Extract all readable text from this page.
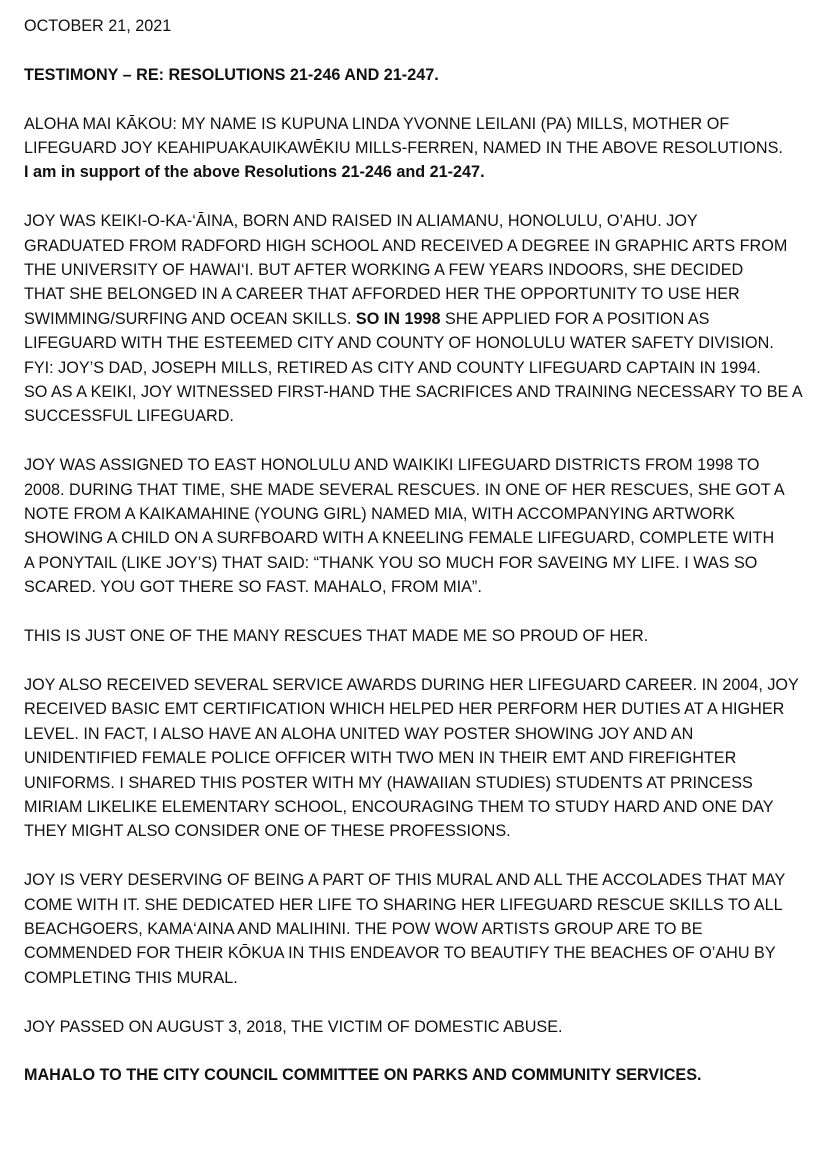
OCTOBER 21, 2021

TESTIMONY – RE: RESOLUTIONS 21-246 AND 21-247.

ALOHA MAI KĀKOU: MY NAME IS KUPUNA LINDA YVONNE LEILANI (PA) MILLS, MOTHER OF
LIFEGUARD JOY KEAHIPUAKAUIKAWĒKIU MILLS-FERREN, NAMED IN THE ABOVE RESOLUTIONS.
I am in support of the above Resolutions 21-246 and 21-247.

JOY WAS KEIKI-O-KA-‘ĀINA, BORN AND RAISED IN ALIAMANU, HONOLULU, O’AHU. JOY
GRADUATED FROM RADFORD HIGH SCHOOL AND RECEIVED A DEGREE IN GRAPHIC ARTS FROM
THE UNIVERSITY OF HAWAI‘I. BUT AFTER WORKING A FEW YEARS INDOORS, SHE DECIDED
THAT SHE BELONGED IN A CAREER THAT AFFORDED HER THE OPPORTUNITY TO USE HER
SWIMMING/SURFING AND OCEAN SKILLS. SO IN 1998 SHE APPLIED FOR A POSITION AS
LIFEGUARD WITH THE ESTEEMED CITY AND COUNTY OF HONOLULU WATER SAFETY DIVISION.
FYI: JOY’S DAD, JOSEPH MILLS, RETIRED AS CITY AND COUNTY LIFEGUARD CAPTAIN IN 1994.
SO AS A KEIKI, JOY WITNESSED FIRST-HAND THE SACRIFICES AND TRAINING NECESSARY TO BE A
SUCCESSFUL LIFEGUARD.

JOY WAS ASSIGNED TO EAST HONOLULU AND WAIKIKI LIFEGUARD DISTRICTS FROM 1998 TO
2008. DURING THAT TIME, SHE MADE SEVERAL RESCUES. IN ONE OF HER RESCUES, SHE GOT A
NOTE FROM A KAIKAMAHINE (YOUNG GIRL) NAMED MIA, WITH ACCOMPANYING ARTWORK
SHOWING A CHILD ON A SURFBOARD WITH A KNEELING FEMALE LIFEGUARD, COMPLETE WITH
A PONYTAIL (LIKE JOY’S) THAT SAID: “THANK YOU SO MUCH FOR SAVEING MY LIFE. I WAS SO
SCARED. YOU GOT THERE SO FAST. MAHALO, FROM MIA”.

THIS IS JUST ONE OF THE MANY RESCUES THAT MADE ME SO PROUD OF HER.

JOY ALSO RECEIVED SEVERAL SERVICE AWARDS DURING HER LIFEGUARD CAREER. IN 2004, JOY
RECEIVED BASIC EMT CERTIFICATION WHICH HELPED HER PERFORM HER DUTIES AT A HIGHER
LEVEL. IN FACT, I ALSO HAVE AN ALOHA UNITED WAY POSTER SHOWING JOY AND AN
UNIDENTIFIED FEMALE POLICE OFFICER WITH TWO MEN IN THEIR EMT AND FIREFIGHTER
UNIFORMS. I SHARED THIS POSTER WITH MY (HAWAIIAN STUDIES) STUDENTS AT PRINCESS
MIRIAM LIKELIKE ELEMENTARY SCHOOL, ENCOURAGING THEM TO STUDY HARD AND ONE DAY
THEY MIGHT ALSO CONSIDER ONE OF THESE PROFESSIONS.

JOY IS VERY DESERVING OF BEING A PART OF THIS MURAL AND ALL THE ACCOLADES THAT MAY
COME WITH IT. SHE DEDICATED HER LIFE TO SHARING HER LIFEGUARD RESCUE SKILLS TO ALL
BEACHGOERS, KAMA‘AINA AND MALIHINI. THE POW WOW ARTISTS GROUP ARE TO BE
COMMENDED FOR THEIR KŌKUA IN THIS ENDEAVOR TO BEAUTIFY THE BEACHES OF O’AHU BY
COMPLETING THIS MURAL.

JOY PASSED ON AUGUST 3, 2018, THE VICTIM OF DOMESTIC ABUSE.

MAHALO TO THE CITY COUNCIL COMMITTEE ON PARKS AND COMMUNITY SERVICES.
